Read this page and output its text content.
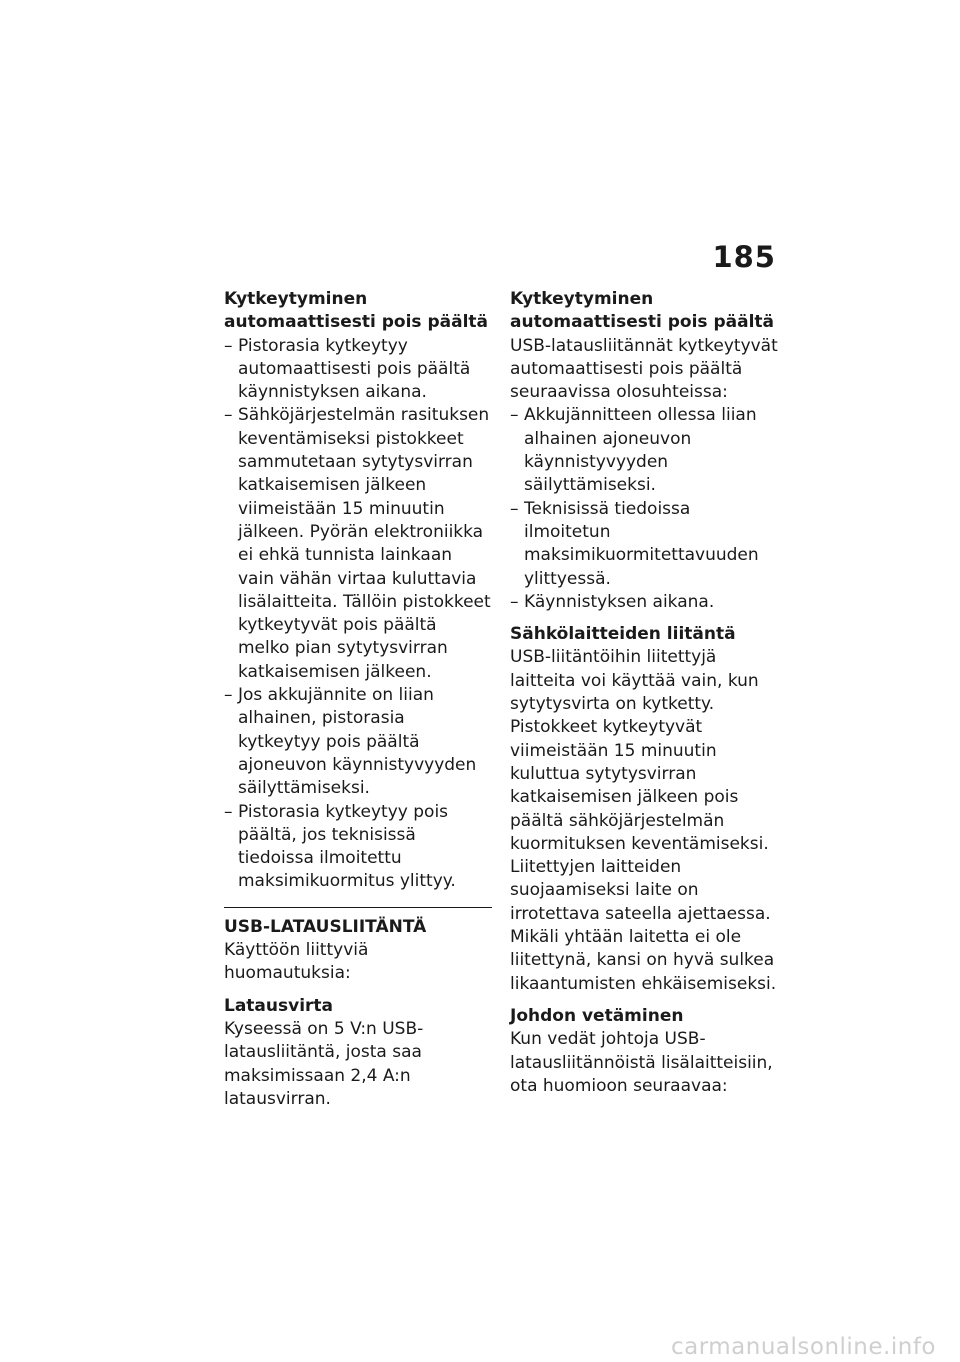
185

Kytkeytyminen automaattisesti pois päältä

– Pistorasia kytkeytyy automaattisesti pois päältä käynnistyksen aikana.
– Sähköjärjestelmän rasituksen keventämiseksi pistokkeet sammutetaan sytytysvirran katkaisemisen jälkeen viimeistään 15 minuutin jälkeen. Pyörän elektroniikka ei ehkä tunnista lainkaan vain vähän virtaa kuluttavia lisälaitteita. Tällöin pistokkeet kytkeytyvät pois päältä melko pian sytytysvirran katkaisemisen jälkeen.
– Jos akkujännite on liian alhainen, pistorasia kytkeytyy pois päältä ajoneuvon käynnistyvyyden säilyttämiseksi.
– Pistorasia kytkeytyy pois päältä, jos teknisissä tiedoissa ilmoitettu maksimikuormitus ylittyy.

USB-LATAUSLIITÄNTÄ

Käyttöön liittyviä huomautuksia:

Latausvirta

Kyseessä on 5 V:n USB-latausliitäntä, josta saa maksimissaan 2,4 A:n latausvirran.

Kytkeytyminen automaattisesti pois päältä

USB-latausliitännät kytkeytyvät automaattisesti pois päältä seuraavissa olosuhteissa:

– Akkujännitteen ollessa liian alhainen ajoneuvon käynnistyvyyden säilyttämiseksi.
– Teknisissä tiedoissa ilmoitetun maksimikuormitettavuuden ylittyessä.
– Käynnistyksen aikana.

Sähkölaitteiden liitäntä

USB-liitäntöihin liitettyjä laitteita voi käyttää vain, kun sytytysvirta on kytketty. Pistokkeet kytkeytyvät viimeistään 15 minuutin kuluttua sytytysvirran katkaisemisen jälkeen pois päältä sähköjärjestelmän kuormituksen keventämiseksi.

Liitettyjen laitteiden suojaamiseksi laite on irrotettava sateella ajettaessa.

Mikäli yhtään laitetta ei ole liitettynä, kansi on hyvä sulkea likaantumisten ehkäisemiseksi.

Johdon vetäminen

Kun vedät johtoja USB-latausliitännöistä lisälaitteisiin, ota huomioon seuraavaa:

carmanualsonline.info
